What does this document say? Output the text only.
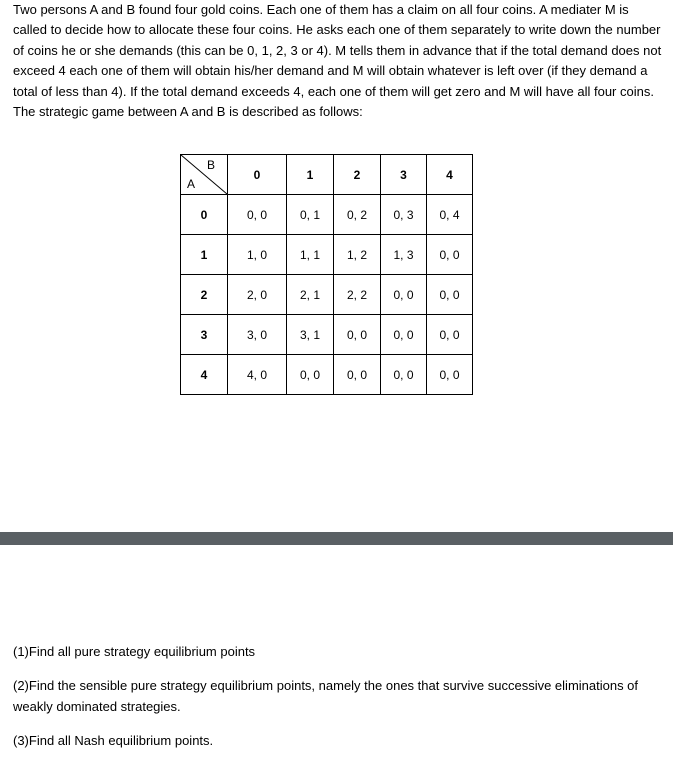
Two persons A and B found four gold coins. Each one of them has a claim on all four coins. A mediater M is called to decide how to allocate these four coins. He asks each one of them separately to write down the number of coins he or she demands (this can be 0, 1, 2, 3 or 4). M tells them in advance that if the total demand does not exceed 4 each one of them will obtain his/her demand and M will obtain whatever is left over (if they demand a total of less than 4). If the total demand exceeds 4, each one of them will get zero and M will have all four coins. The strategic game between A and B is described as follows:

B
A	0	1	2	3	4
0	0, 0	0, 1	0, 2	0, 3	0, 4
1	1, 0	1, 1	1, 2	1, 3	0, 0
2	2, 0	2, 1	2, 2	0, 0	0, 0
3	3, 0	3, 1	0, 0	0, 0	0, 0
4	4, 0	0, 0	0, 0	0, 0	0, 0

(1)Find all pure strategy equilibrium points

(2)Find the sensible pure strategy equilibrium points, namely the ones that survive successive eliminations of weakly dominated strategies.

(3)Find all Nash equilibrium points.
